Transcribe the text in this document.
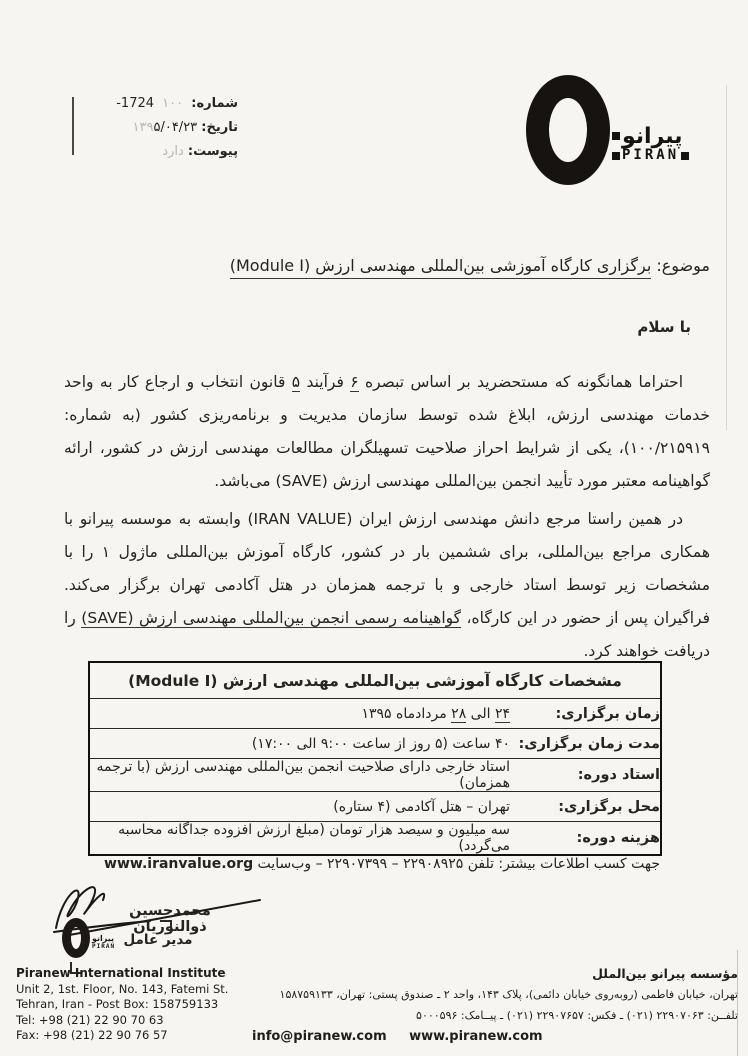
شماره: ۱۰۰ -1724
تاریخ: ۱۳۹۵/۰۴/۲۳
پیوست: دارد
پیرانو
PIRAN
موضوع: برگزاری کارگاه آموزشی بین‌المللی مهندسی ارزش (Module I)
با سلام

احتراما همانگونه که مستحضرید بر اساس تبصره ۶ فرآیند ۵ قانون انتخاب و ارجاع کار به واحد خدمات مهندسی ارزش، ابلاغ شده توسط سازمان مدیریت و برنامه‌ریزی کشور (به شماره: ۱۰۰/۲۱۵۹۱۹)، یکی از شرایط احراز صلاحیت تسهیلگران مطالعات مهندسی ارزش در کشور، ارائه گواهینامه معتبر مورد تأیید انجمن بین‌المللی مهندسی ارزش (SAVE) می‌باشد.

در همین راستا مرجع دانش مهندسی ارزش ایران (IRAN VALUE) وابسته به موسسه پیرانو با همکاری مراجع بین‌المللی، برای ششمین بار در کشور، کارگاه آموزش بین‌المللی ماژول ۱ را با مشخصات زیر توسط استاد خارجی و با ترجمه همزمان در هتل آکادمی تهران برگزار می‌کند. فراگیران پس از حضور در این کارگاه، گواهینامه رسمی انجمن بین‌المللی مهندسی ارزش (SAVE) را دریافت خواهند کرد.

مشخصات کارگاه آموزشی بین‌المللی مهندسی ارزش (Module I)	
زمان برگزاری:	۲۴ الی ۲۸ مردادماه ۱۳۹۵
مدت زمان برگزاری:	۴۰ ساعت (۵ روز از ساعت ۹:۰۰ الی ۱۷:۰۰)
استاد دوره:	استاد خارجی دارای صلاحیت انجمن بین‌المللی مهندسی ارزش (با ترجمه همزمان)
محل برگزاری:	تهران – هتل آکادمی (۴ ستاره)
هزینه دوره:	سه میلیون و سیصد هزار تومان (مبلغ ارزش افزوده جداگانه محاسبه می‌گردد)
جهت کسب اطلاعات بیشتر: تلفن ۲۲۹۰۸۹۲۵ – ۲۲۹۰۷۳۹۹ – وب‌سایت www.iranvalue.org
محمدحسین ذوالنوریان
مدیر عامل
پیرانو
PIRAN
Piranew International Institute
Unit 2, 1st. Floor, No. 143, Fatemi St.
Tehran, Iran - Post Box: 158759133
Tel: +98 (21) 22 90 70 63
Fax: +98 (21) 22 90 76 57
مؤسسه پیرانو بین‌الملل
تهران، خیابان فاطمی (روبه‌روی خیابان دائمی)، پلاک ۱۴۳، واحد ۲ ـ صندوق پستی: تهران، ۱۵۸۷۵۹۱۳۳
تلفــن: ۲۲۹۰۷۰۶۳ (۰۲۱) ـ فکس: ۲۲۹۰۷۶۵۷ (۰۲۱) ـ پیــامک: ۵۰۰۰۵۹۶
info@piranew.com www.piranew.com
